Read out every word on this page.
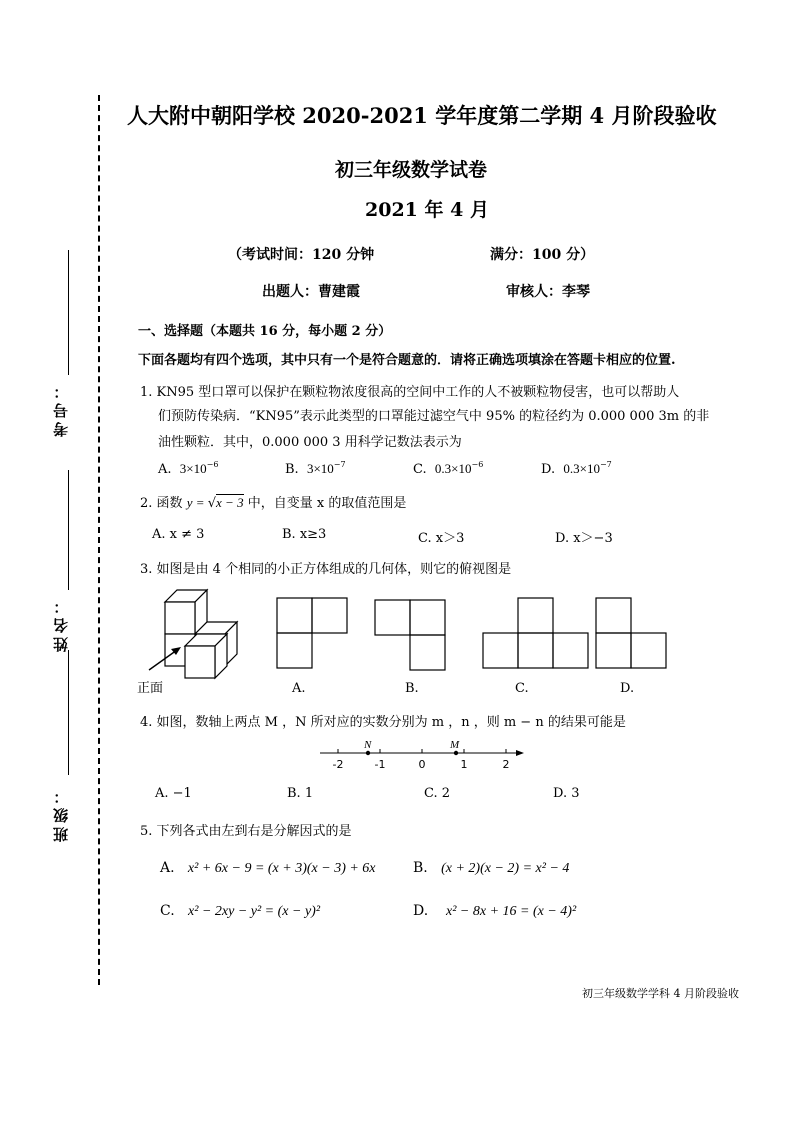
考号：
姓名：
班级：
人大附中朝阳学校 2020-2021 学年度第二学期 4 月阶段验收
初三年级数学试卷
2021 年 4 月
（考试时间：120 分钟	满分：100 分）
出题人：曹建霞	审核人：李琴
一、选择题（本题共 16 分，每小题 2 分）
下面各题均有四个选项，其中只有一个是符合题意的．请将正确选项填涂在答题卡相应的位置.
1. KN95 型口罩可以保护在颗粒物浓度很高的空间中工作的人不被颗粒物侵害，也可以帮助人
们预防传染病．“KN95”表示此类型的口罩能过滤空气中 95% 的粒径约为 0.000 000 3m 的非
油性颗粒．其中，0.000 000 3 用科学记数法表示为
A. $3\times 10^{-6}$	B. $3\times 10^{-7}$	C. $0.3\times 10^{-6}$	D. $0.3\times 10^{-7}$
2. 函数 y = √x − 3 中，自变量 x 的取值范围是
A. x ≠ 3	B. x≥3	C. x＞3	D. x＞−3
3. 如图是由 4 个相同的小正方体组成的几何体，则它的俯视图是
正面	A.	B.	C.	D.
4. 如图，数轴上两点 M ，N 所对应的实数分别为 m ，n ，则 m − n 的结果可能是
N	M
-2	-1	0	1	2
A. −1	B. 1	C. 2	D. 3
5. 下列各式由左到右是分解因式的是
A. x² + 6x − 9 = (x + 3)(x − 3) + 6x	B. (x + 2)(x − 2) = x² − 4
C. x² − 2xy − y² = (x − y)²	D. x² − 8x + 16 = (x − 4)²
初三年级数学学科 4 月阶段验收
